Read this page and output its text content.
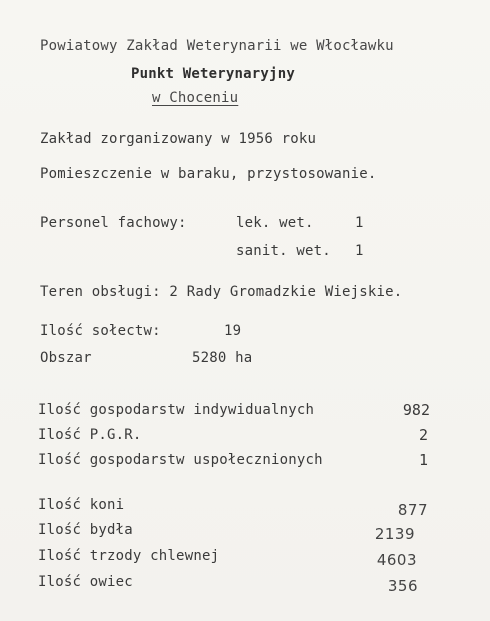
Powiatowy Zakład Weterynarii we Włocławku
Punkt Weterynaryjny
w Choceniu
Zakład zorganizowany w 1956 roku
Pomieszczenie w baraku, przystosowanie.
Personel fachowy:	lek. wet.	1
sanit. wet. 1
Teren obsługi: 2 Rady Gromadzkie Wiejskie.
Ilość sołectw:	19
Obszar	5280 ha
Ilość gospodarstw indywidualnych	982
Ilość P.G.R.	2
Ilość gospodarstw uspołecznionych	1
Ilość koni	877
Ilość bydła	2139
Ilość trzody chlewnej	4603
Ilość owiec	356
